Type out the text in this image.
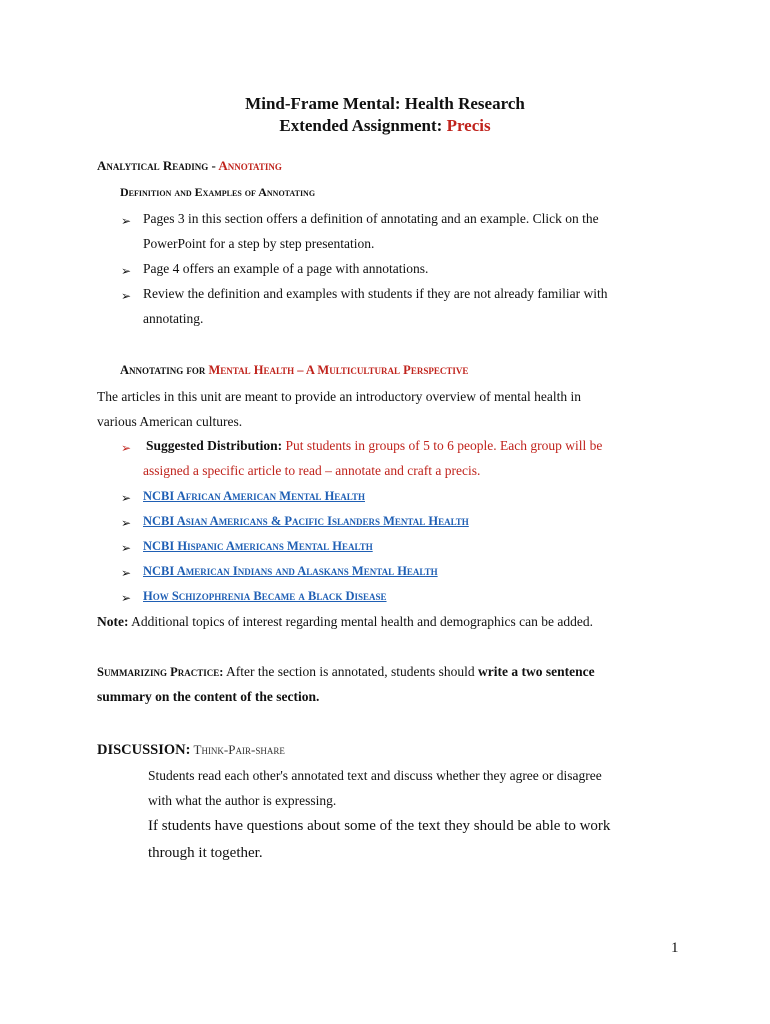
Mind-Frame Mental: Health Research
Extended Assignment: Precis
Analytical Reading - Annotating
Definition and Examples of Annotating
➢ Pages 3 in this section offers a definition of annotating and an example. Click on the
PowerPoint for a step by step presentation.
➢ Page 4 offers an example of a page with annotations.
➢ Review the definition and examples with students if they are not already familiar with
annotating.
Annotating for Mental Health – A Multicultural Perspective
The articles in this unit are meant to provide an introductory overview of mental health in
various American cultures.
➢ Suggested Distribution: Put students in groups of 5 to 6 people. Each group will be
assigned a specific article to read – annotate and craft a precis.
➢ NCBI African American Mental Health
➢ NCBI Asian Americans & Pacific Islanders Mental Health
➢ NCBI Hispanic Americans Mental Health
➢ NCBI American Indians and Alaskans Mental Health
➢ How Schizophrenia Became a Black Disease
Note: Additional topics of interest regarding mental health and demographics can be added.
Summarizing Practice: After the section is annotated, students should write a two sentence
summary on the content of the section.
DISCUSSION: Think-Pair-share
Students read each other's annotated text and discuss whether they agree or disagree
with what the author is expressing.
If students have questions about some of the text they should be able to work
through it together.
1
